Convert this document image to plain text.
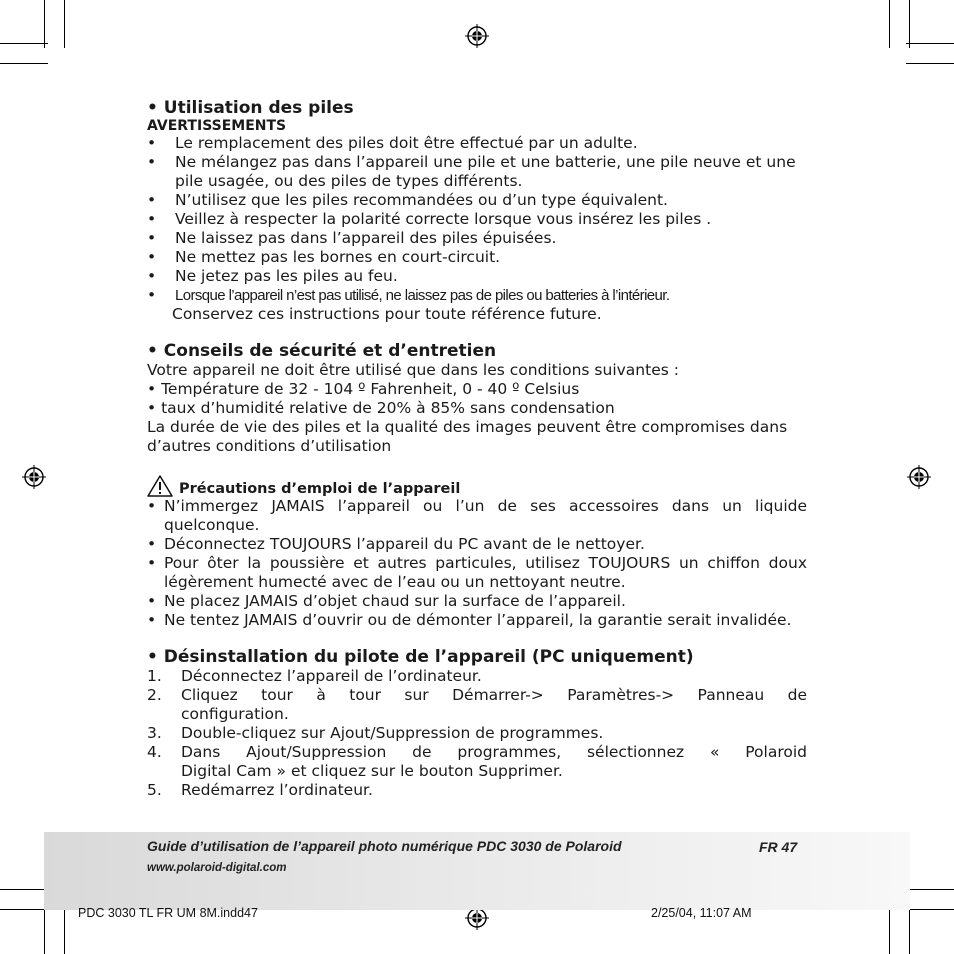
• Utilisation des piles
AVERTISSEMENTS
• Le remplacement des piles doit être effectué par un adulte.
• Ne mélangez pas dans l’appareil une pile et une batterie, une pile neuve et une pile usagée, ou des piles de types différents.
• N’utilisez que les piles recommandées ou d’un type équivalent.
• Veillez à respecter la polarité correcte lorsque vous insérez les piles .
• Ne laissez pas dans l’appareil des piles épuisées.
• Ne mettez pas les bornes en court-circuit.
• Ne jetez pas les piles au feu.
• Lorsque l’appareil n’est pas utilisé, ne laissez pas de piles ou batteries à l’intérieur.
Conservez ces instructions pour toute référence future.
• Conseils de sécurité et d’entretien
Votre appareil ne doit être utilisé que dans les conditions suivantes :
• Température de 32 - 104 º Fahrenheit, 0 - 40 º Celsius
• taux d’humidité relative de 20% à 85% sans condensation
La durée de vie des piles et la qualité des images peuvent être compromises dans d’autres conditions d’utilisation
Précautions d’emploi de l’appareil
• N’immergez JAMAIS l’appareil ou l’un de ses accessoires dans un liquide quelconque.
• Déconnectez TOUJOURS l’appareil du PC avant de le nettoyer.
• Pour ôter la poussière et autres particules, utilisez TOUJOURS un chiffon doux légèrement humecté avec de l’eau ou un nettoyant neutre.
• Ne placez JAMAIS d’objet chaud sur la surface de l’appareil.
• Ne tentez JAMAIS d’ouvrir ou de démonter l’appareil, la garantie serait invalidée.
• Désinstallation du pilote de l’appareil (PC uniquement)
1. Déconnectez l’appareil de l’ordinateur.
2. Cliquez tour à tour sur Démarrer-> Paramètres-> Panneau de
configuration.
3. Double-cliquez sur Ajout/Suppression de programmes.
4. Dans Ajout/Suppression de programmes, sélectionnez « Polaroid
Digital Cam » et cliquez sur le bouton Supprimer.
5. Redémarrez l’ordinateur.
Guide d’utilisation de l’appareil photo numérique PDC 3030 de Polaroid	FR 47
www.polaroid-digital.com
PDC 3030 TL FR UM 8M.indd47	2/25/04, 11:07 AM
